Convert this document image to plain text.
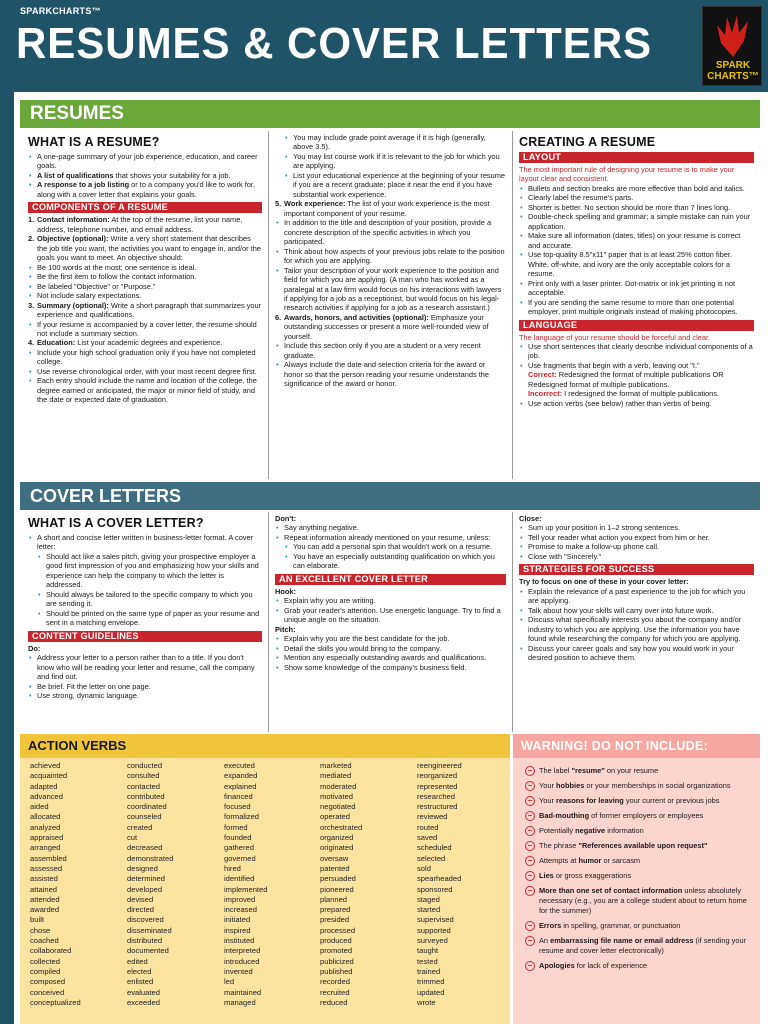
SPARKCHARTS™
RESUMES & COVER LETTERS	SPARK
CHARTS™
RESUMES
WHAT IS A RESUME?
• A one-page summary of your job experience, education, and career goals.
• A list of qualifications that shows your suitability for a job.
• A response to a job listing or to a company you'd like to work for, along with a cover letter that explains your goals.
COMPONENTS OF A RESUME
1. Contact information: At the top of the resume, list your name, address, telephone number, and email address.
2. Objective (optional): Write a very short statement that describes the job title you want, the activities you want to engage in, and/or the goals you want to meet. An objective should:
• Be 100 words at the most; one sentence is ideal.
• Be the first item to follow the contact information.
• Be labeled "Objective" or "Purpose."
• Not include salary expectations.
3. Summary (optional): Write a short paragraph that summarizes your experience and qualifications.
• If your resume is accompanied by a cover letter, the resume should not include a summary section.
4. Education: List your academic degrees and experience.
• Include your high school graduation only if you have not completed college.
• Use reverse chronological order, with your most recent degree first.
• Each entry should include the name and location of the college, the degree earned or anticipated, the major or minor field of study, and the date or expected date of graduation.
• You may include grade point average if it is high (generally, above 3.5).
• You may list course work if it is relevant to the job for which you are applying.
• List your educational experience at the beginning of your resume if you are a recent graduate; place it near the end if you have substantial work experience.
5. Work experience: The list of your work experience is the most important component of your resume.
• In addition to the title and description of your position, provide a concrete description of the specific activities in which you participated.
• Think about how aspects of your previous jobs relate to the position for which you are applying.
• Tailor your description of your work experience to the position and field for which you are applying. (A man who has worked as a paralegal at a law firm would focus on his interactions with lawyers if applying for a job as a receptionist, but would focus on his legal-research activities if applying for a job as a research assistant.)
6. Awards, honors, and activities (optional): Emphasize your outstanding successes or present a more well-rounded view of yourself.
• Include this section only if you are a student or a very recent graduate.
• Always include the date and selection criteria for the award or honor so that the person reading your resume understands the significance of the award or honor.
CREATING A RESUME
LAYOUT
The most important rule of designing your resume is to make your layout clear and consistent.
• Bullets and section breaks are more effective than bold and italics.
• Clearly label the resume's parts.
• Shorter is better. No section should be more than 7 lines long.
• Double-check spelling and grammar; a simple mistake can ruin your application.
• Make sure all information (dates, titles) on your resume is correct and accurate.
• Use top-quality 8.5"x11" paper that is at least 25% cotton fiber. White, off-white, and ivory are the only acceptable colors for a resume.
• Print only with a laser printer. Dot-matrix or ink jet printing is not acceptable.
• If you are sending the same resume to more than one potential employer, print multiple originals instead of making photocopies.
LANGUAGE
The language of your resume should be forceful and clear.
• Use short sentences that clearly describe individual components of a job.
• Use fragments that begin with a verb, leaving out "I."
Correct: Redesigned the format of multiple publications OR Redesigned format of multiple publications.
Incorrect: I redesigned the format of multiple publications.
• Use action verbs (see below) rather than verbs of being.
COVER LETTERS
WHAT IS A COVER LETTER?
• A short and concise letter written in business-letter format. A cover letter:
• Should act like a sales pitch, giving your prospective employer a good first impression of you and emphasizing how your skills and experience can help the company to which the letter is addressed.
• Should always be tailored to the specific company to which you are sending it.
• Should be printed on the same type of paper as your resume and sent in a matching envelope.
CONTENT GUIDELINES
Do:
• Address your letter to a person rather than to a title. If you don't know who will be reading your letter and resume, call the company and find out.
• Be brief. Fit the letter on one page.
• Use strong, dynamic language.
Don't:
• Say anything negative.
• Repeat information already mentioned on your resume, unless:
• You can add a personal spin that wouldn't work on a resume.
• You have an especially outstanding qualification on which you can elaborate.
AN EXCELLENT COVER LETTER
Hook:
• Explain why you are writing.
• Grab your reader's attention. Use energetic language. Try to find a unique angle on the situation.
Pitch:
• Explain why you are the best candidate for the job.
• Detail the skills you would bring to the company.
• Mention any especially outstanding awards and qualifications.
• Show some knowledge of the company's business field.
Close:
• Sum up your position in 1–2 strong sentences.
• Tell your reader what action you expect from him or her.
• Promise to make a follow-up phone call.
• Close with "Sincerely."
STRATEGIES FOR SUCCESS
Try to focus on one of these in your cover letter:
• Explain the relevance of a past experience to the job for which you are applying.
• Talk about how your skills will carry over into future work.
• Discuss what specifically interests you about the company and/or industry to which you are applying. Use the information you have found while researching the company for which you are applying.
• Discuss your career goals and say how you would work in your desired position to achieve them.
ACTION VERBS
achieved
acquainted
adapted
advanced
aided
allocated
analyzed
appraised
arranged
assembled
assessed
assisted
attained
attended
awarded
built
chose
coached
collaborated
collected
compiled
composed
conceived
conceptualized
conducted
consulted
contacted
contributed
coordinated
counseled
created
cut
decreased
demonstrated
designed
determined
developed
devised
directed
discovered
disseminated
distributed
documented
edited
elected
enlisted
evaluated
exceeded
executed
expanded
explained
financed
focused
formalized
formed
founded
gathered
governed
hired
identified
implemented
improved
increased
initiated
inspired
instituted
interpreted
introduced
invented
led
maintained
managed
marketed
mediated
moderated
motivated
negotiated
operated
orchestrated
organized
originated
oversaw
patented
persuaded
pioneered
planned
prepared
presided
processed
produced
promoted
publicized
published
recorded
recruited
reduced
reengineered
reorganized
represented
researched
restructured
reviewed
routed
saved
scheduled
selected
sold
spearheaded
sponsored
staged
started
supervised
supported
surveyed
taught
tested
trained
trimmed
updated
wrote
WARNING! DO NOT INCLUDE:
− The label "resume" on your resume
− Your hobbies or your memberships in social organizations
− Your reasons for leaving your current or previous jobs
− Bad-mouthing of former employers or employees
− Potentially negative information
− The phrase "References available upon request"
− Attempts at humor or sarcasm
− Lies or gross exaggerations
− More than one set of contact information unless absolutely necessary (e.g., you are a college student about to return home for the summer)
− Errors in spelling, grammar, or punctuation
− An embarrassing file name or email address (if sending your resume and cover letter electronically)
− Apologies for lack of experience
